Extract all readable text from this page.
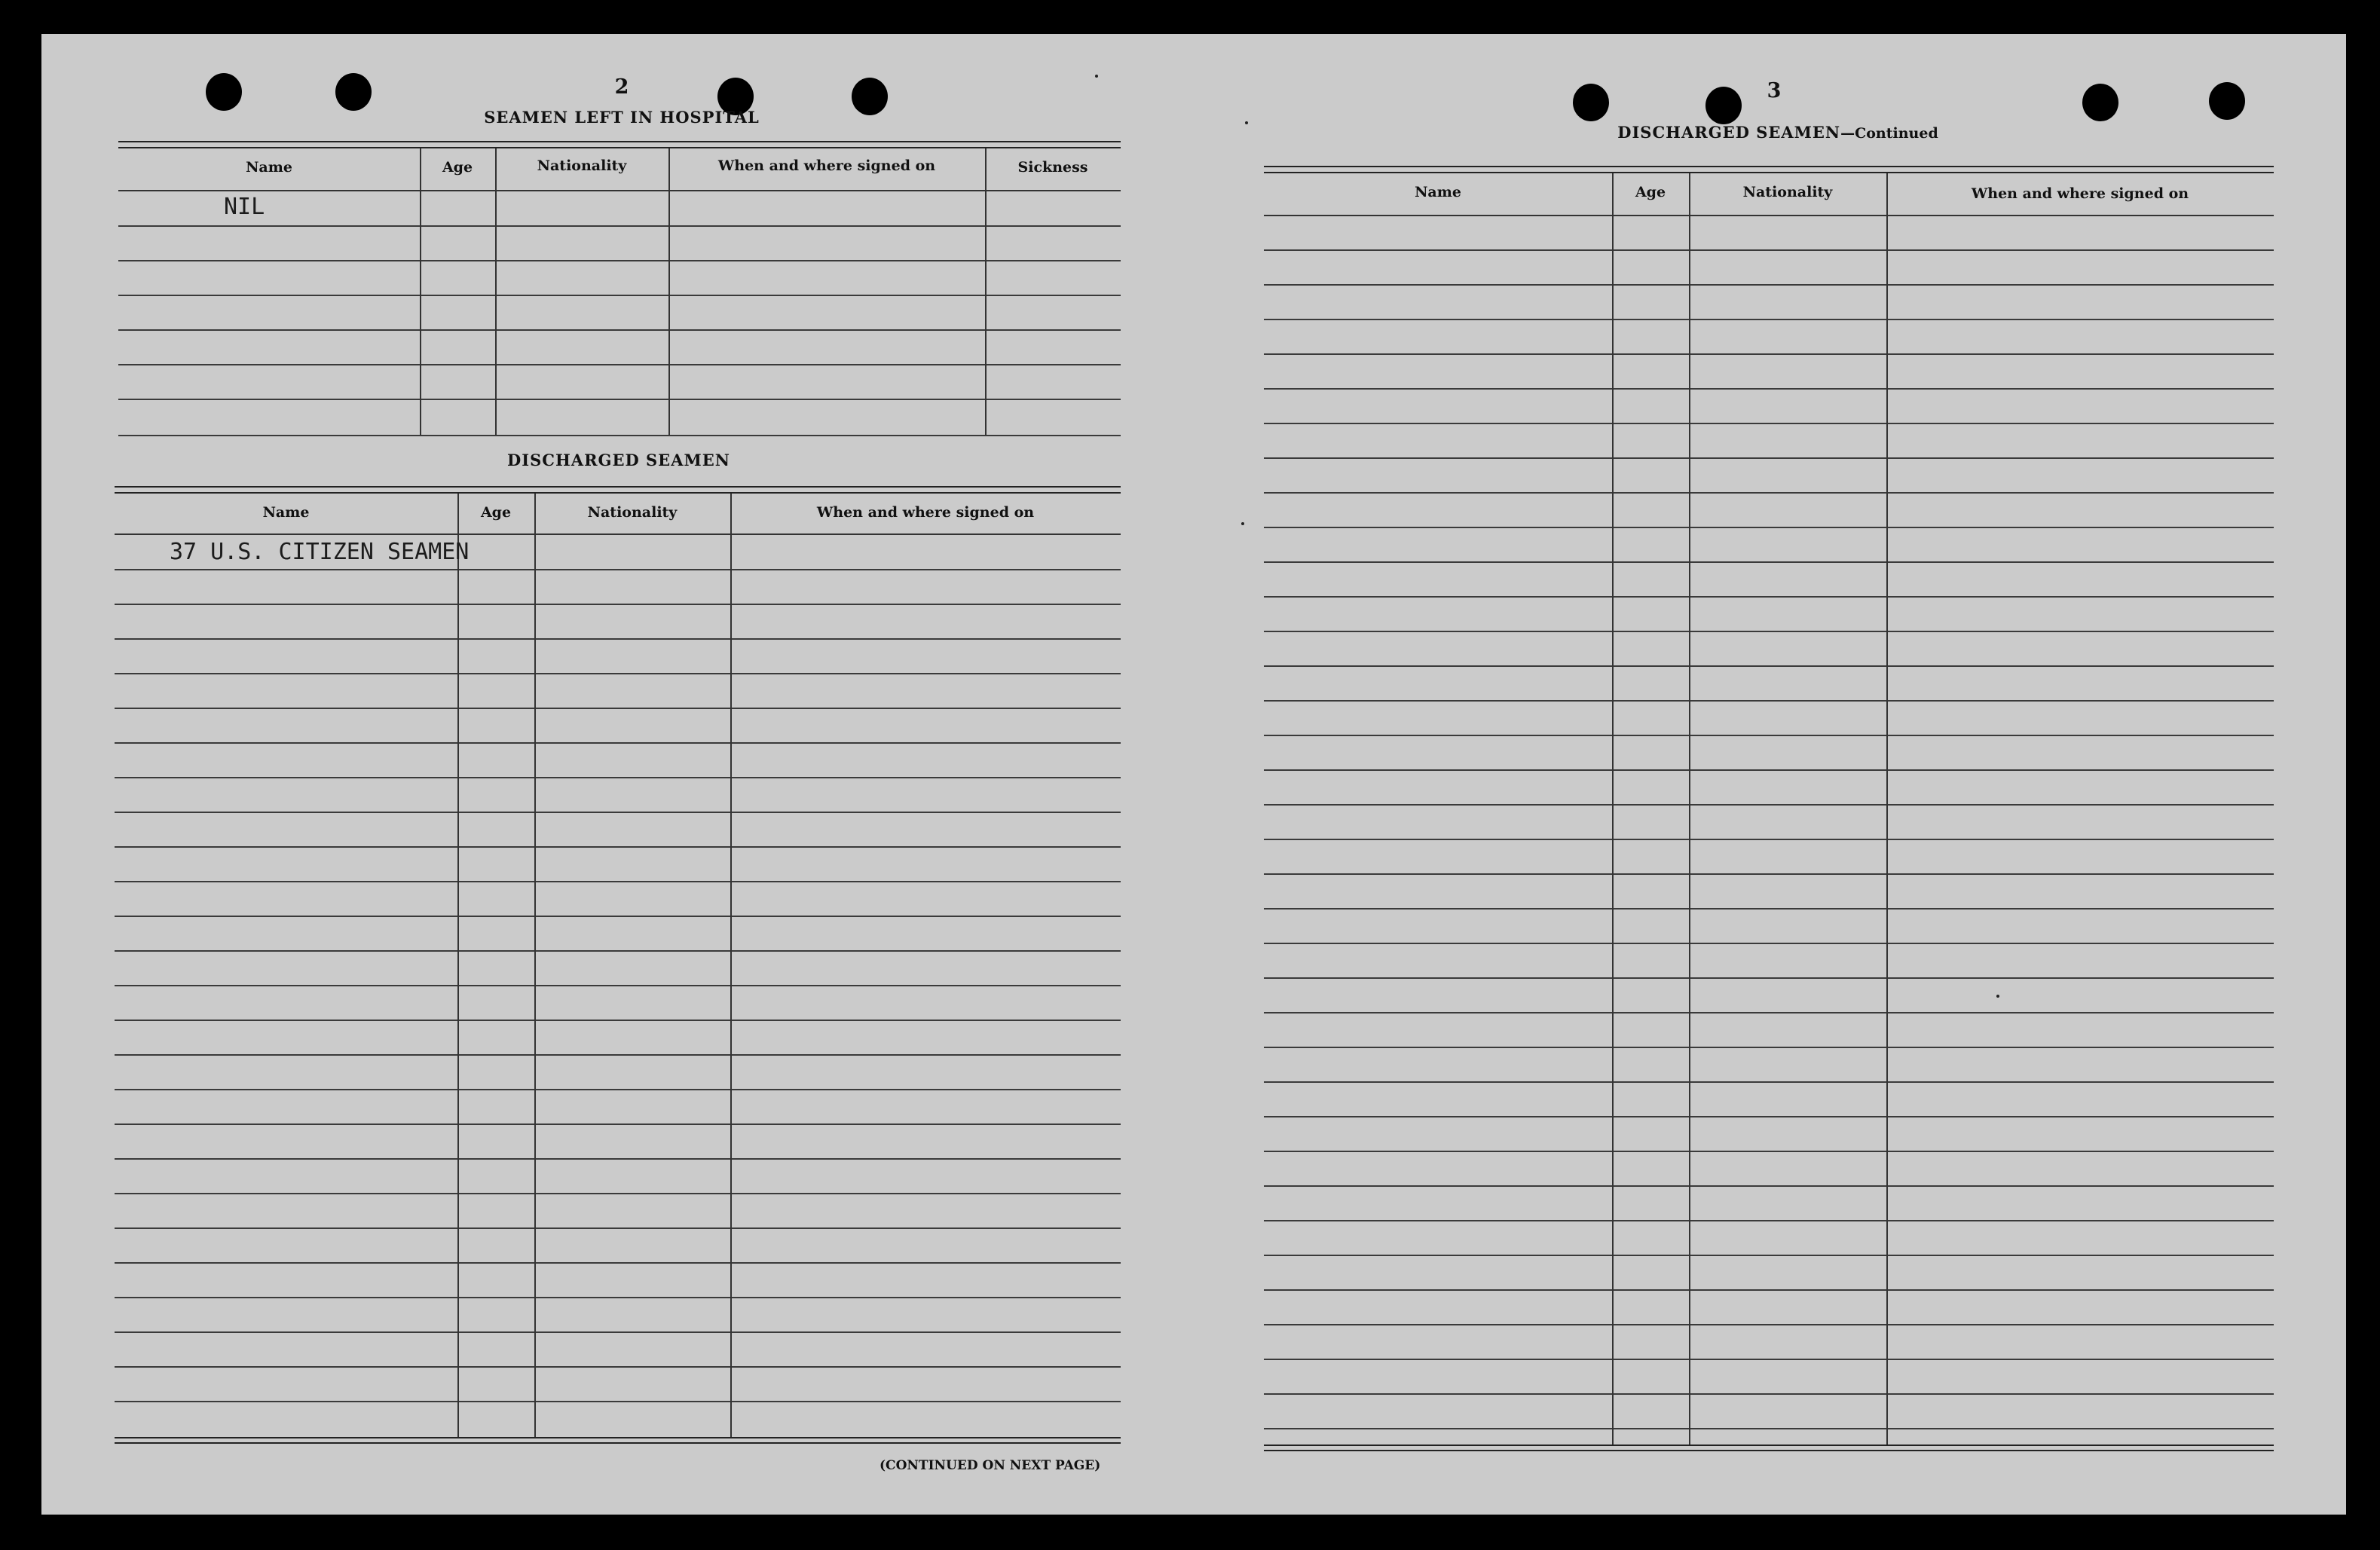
2
SEAMEN LEFT IN HOSPITAL
Name	Age	Nationality	When and where signed on	Sickness
NIL
DISCHARGED SEAMEN
Name	Age	Nationality	When and where signed on
37 U.S. CITIZEN SEAMEN
(CONTINUED ON NEXT PAGE)
3
DISCHARGED SEAMEN—Continued
Name	Age	Nationality	When and where signed on
